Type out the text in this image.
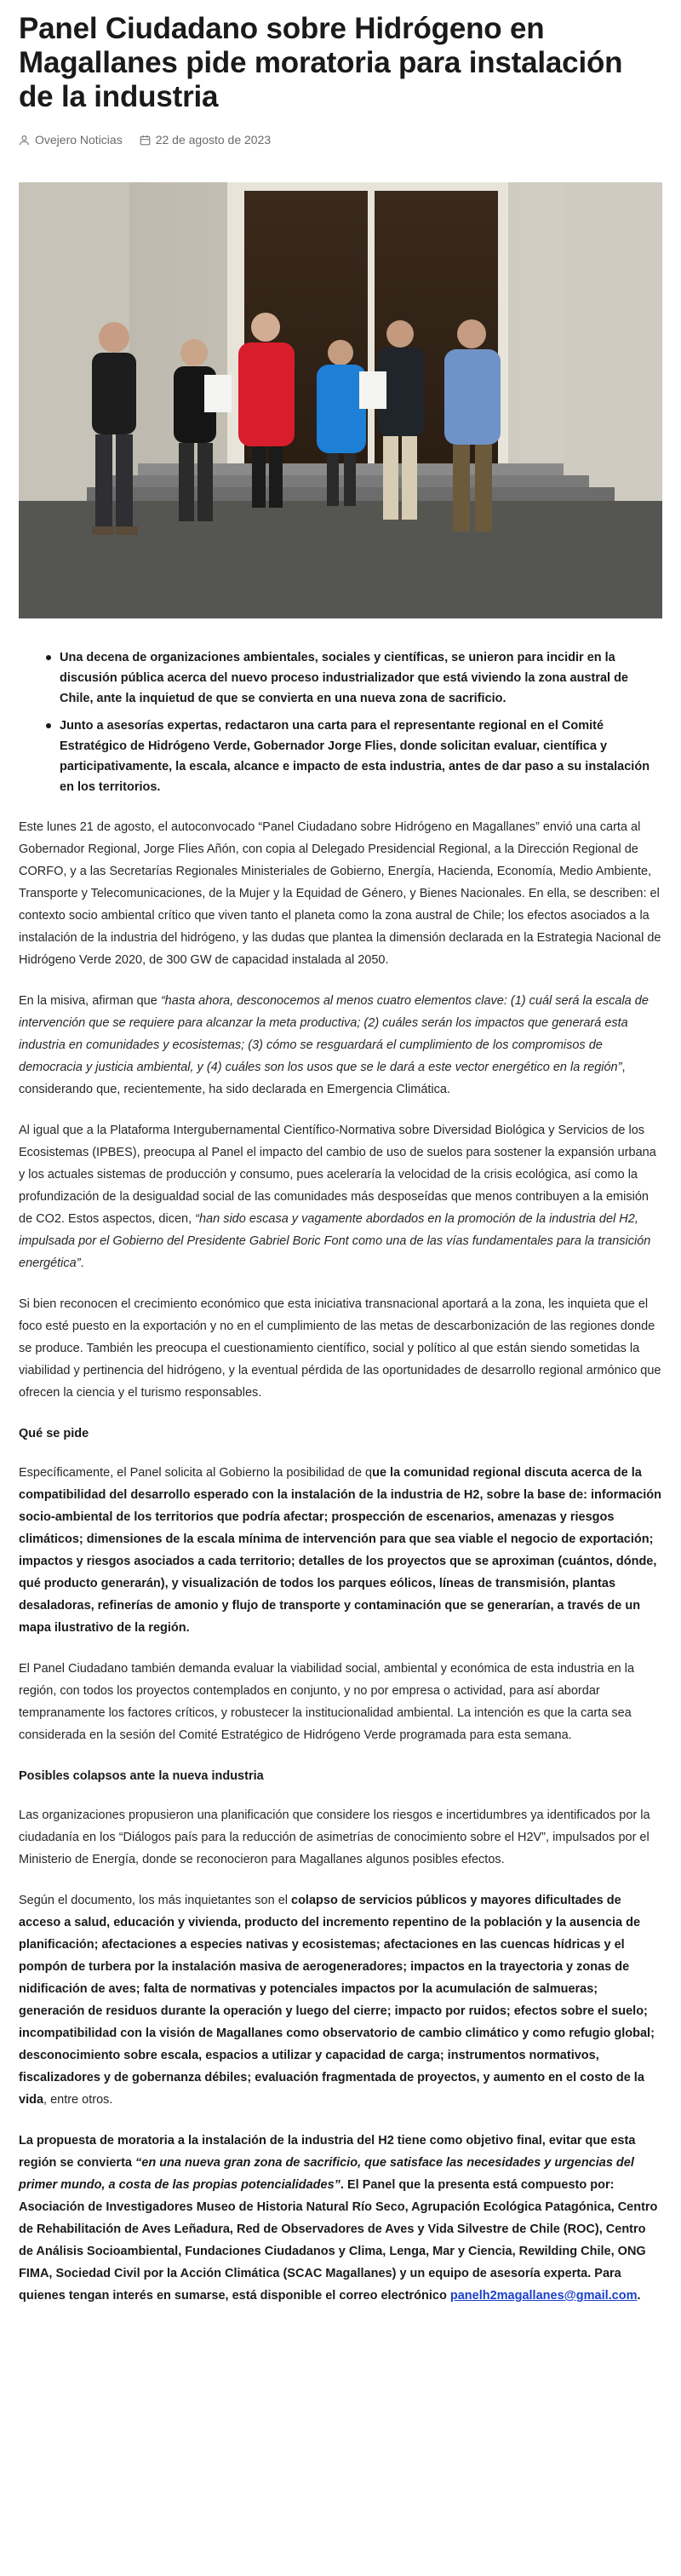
Panel Ciudadano sobre Hidrógeno en Magallanes pide moratoria para instalación de la industria
Ovejero Noticias	22 de agosto de 2023
Una decena de organizaciones ambientales, sociales y científicas, se unieron para incidir en la discusión pública acerca del nuevo proceso industrializador que está viviendo la zona austral de Chile, ante la inquietud de que se convierta en una nueva zona de sacrificio.
Junto a asesorías expertas, redactaron una carta para el representante regional en el Comité Estratégico de Hidrógeno Verde, Gobernador Jorge Flies, donde solicitan evaluar, científica y participativamente, la escala, alcance e impacto de esta industria, antes de dar paso a su instalación en los territorios.

Este lunes 21 de agosto, el autoconvocado “Panel Ciudadano sobre Hidrógeno en Magallanes” envió una carta al Gobernador Regional, Jorge Flies Añón, con copia al Delegado Presidencial Regional, a la Dirección Regional de CORFO, y a las Secretarías Regionales Ministeriales de Gobierno, Energía, Hacienda, Economía, Medio Ambiente, Transporte y Telecomunicaciones, de la Mujer y la Equidad de Género, y Bienes Nacionales. En ella, se describen: el contexto socio ambiental crítico que viven tanto el planeta como la zona austral de Chile; los efectos asociados a la instalación de la industria del hidrógeno, y las dudas que plantea la dimensión declarada en la Estrategia Nacional de Hidrógeno Verde 2020, de 300 GW de capacidad instalada al 2050.

En la misiva, afirman que “hasta ahora, desconocemos al menos cuatro elementos clave: (1) cuál será la escala de intervención que se requiere para alcanzar la meta productiva; (2) cuáles serán los impactos que generará esta industria en comunidades y ecosistemas; (3) cómo se resguardará el cumplimiento de los compromisos de democracia y justicia ambiental, y (4) cuáles son los usos que se le dará a este vector energético en la región”, considerando que, recientemente, ha sido declarada en Emergencia Climática.

Al igual que a la Plataforma Intergubernamental Científico-Normativa sobre Diversidad Biológica y Servicios de los Ecosistemas (IPBES), preocupa al Panel el impacto del cambio de uso de suelos para sostener la expansión urbana y los actuales sistemas de producción y consumo, pues aceleraría la velocidad de la crisis ecológica, así como la profundización de la desigualdad social de las comunidades más desposeídas que menos contribuyen a la emisión de CO2. Estos aspectos, dicen, “han sido escasa y vagamente abordados en la promoción de la industria del H2, impulsada por el Gobierno del Presidente Gabriel Boric Font como una de las vías fundamentales para la transición energética”.

Si bien reconocen el crecimiento económico que esta iniciativa transnacional aportará a la zona, les inquieta que el foco esté puesto en la exportación y no en el cumplimiento de las metas de descarbonización de las regiones donde se produce. También les preocupa el cuestionamiento científico, social y político al que están siendo sometidas la viabilidad y pertinencia del hidrógeno, y la eventual pérdida de las oportunidades de desarrollo regional armónico que ofrecen la ciencia y el turismo responsables.

Qué se pide

Específicamente, el Panel solicita al Gobierno la posibilidad de que la comunidad regional discuta acerca de la compatibilidad del desarrollo esperado con la instalación de la industria de H2, sobre la base de: información socio-ambiental de los territorios que podría afectar; prospección de escenarios, amenazas y riesgos climáticos; dimensiones de la escala mínima de intervención para que sea viable el negocio de exportación; impactos y riesgos asociados a cada territorio; detalles de los proyectos que se aproximan (cuántos, dónde, qué producto generarán), y visualización de todos los parques eólicos, líneas de transmisión, plantas desaladoras, refinerías de amonio y flujo de transporte y contaminación que se generarían, a través de un mapa ilustrativo de la región.

El Panel Ciudadano también demanda evaluar la viabilidad social, ambiental y económica de esta industria en la región, con todos los proyectos contemplados en conjunto, y no por empresa o actividad, para así abordar tempranamente los factores críticos, y robustecer la institucionalidad ambiental. La intención es que la carta sea considerada en la sesión del Comité Estratégico de Hidrógeno Verde programada para esta semana.

Posibles colapsos ante la nueva industria

Las organizaciones propusieron una planificación que considere los riesgos e incertidumbres ya identificados por la ciudadanía en los “Diálogos país para la reducción de asimetrías de conocimiento sobre el H2V”, impulsados por el Ministerio de Energía, donde se reconocieron para Magallanes algunos posibles efectos.

Según el documento, los más inquietantes son el colapso de servicios públicos y mayores dificultades de acceso a salud, educación y vivienda, producto del incremento repentino de la población y la ausencia de planificación; afectaciones a especies nativas y ecosistemas; afectaciones en las cuencas hídricas y el pompón de turbera por la instalación masiva de aerogeneradores; impactos en la trayectoria y zonas de nidificación de aves; falta de normativas y potenciales impactos por la acumulación de salmueras; generación de residuos durante la operación y luego del cierre; impacto por ruidos; efectos sobre el suelo; incompatibilidad con la visión de Magallanes como observatorio de cambio climático y como refugio global; desconocimiento sobre escala, espacios a utilizar y capacidad de carga; instrumentos normativos, fiscalizadores y de gobernanza débiles; evaluación fragmentada de proyectos, y aumento en el costo de la vida, entre otros.

La propuesta de moratoria a la instalación de la industria del H2 tiene como objetivo final, evitar que esta región se convierta “en una nueva gran zona de sacrificio, que satisface las necesidades y urgencias del primer mundo, a costa de las propias potencialidades”. El Panel que la presenta está compuesto por: Asociación de Investigadores Museo de Historia Natural Río Seco, Agrupación Ecológica Patagónica, Centro de Rehabilitación de Aves Leñadura, Red de Observadores de Aves y Vida Silvestre de Chile (ROC), Centro de Análisis Socioambiental, Fundaciones Ciudadanos y Clima, Lenga, Mar y Ciencia, Rewilding Chile, ONG FIMA, Sociedad Civil por la Acción Climática (SCAC Magallanes) y un equipo de asesoría experta. Para quienes tengan interés en sumarse, está disponible el correo electrónico panelh2magallanes@gmail.com.
